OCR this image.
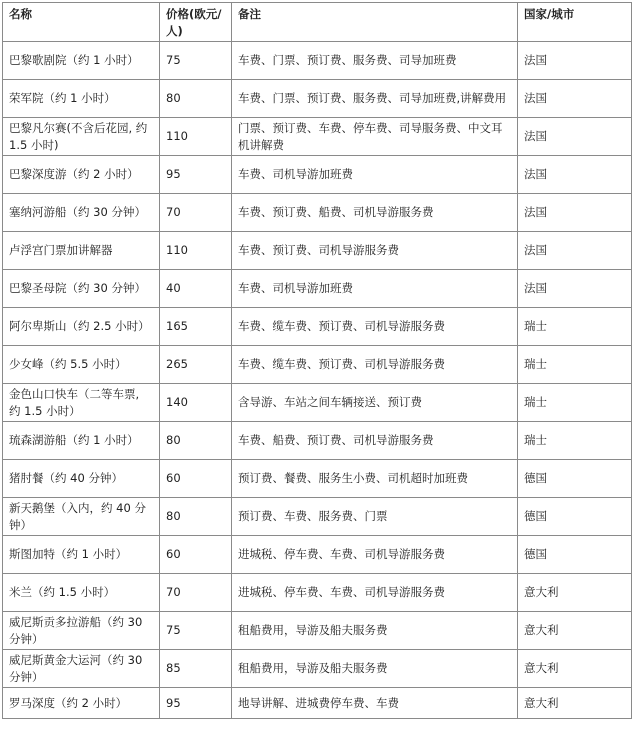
名称	价格(欧元/人)	备注	国家/城市
巴黎歌剧院（约 1 小时）	75	车费、门票、预订费、服务费、司导加班费	法国
荣军院（约 1 小时）	80	车费、门票、预订费、服务费、司导加班费,讲解费用	法国
巴黎凡尔赛(不含后花园, 约 1.5 小时)	110	门票、预订费、车费、停车费、司导服务费、中文耳机讲解费	法国
巴黎深度游（约 2 小时）	95	车费、司机导游加班费	法国
塞纳河游船（约 30 分钟）	70	车费、预订费、船费、司机导游服务费	法国
卢浮宫门票加讲解器	110	车费、预订费、司机导游服务费	法国
巴黎圣母院（约 30 分钟）	40	车费、司机导游加班费	法国
阿尔卑斯山（约 2.5 小时）	165	车费、缆车费、预订费、司机导游服务费	瑞士
少女峰（约 5.5 小时）	265	车费、缆车费、预订费、司机导游服务费	瑞士
金色山口快车（二等车票, 约 1.5 小时）	140	含导游、车站之间车辆接送、预订费	瑞士
琉森湖游船（约 1 小时）	80	车费、船费、预订费、司机导游服务费	瑞士
猪肘餐（约 40 分钟）	60	预订费、餐费、服务生小费、司机超时加班费	德国
新天鹅堡（入内，约 40 分钟）	80	预订费、车费、服务费、门票	德国
斯图加特（约 1 小时）	60	进城税、停车费、车费、司机导游服务费	德国
米兰（约 1.5 小时）	70	进城税、停车费、车费、司机导游服务费	意大利
威尼斯贡多拉游船（约 30 分钟）	75	租船费用，导游及船夫服务费	意大利
威尼斯黄金大运河（约 30 分钟）	85	租船费用，导游及船夫服务费	意大利
罗马深度（约 2 小时）	95	地导讲解、进城费停车费、车费	意大利
